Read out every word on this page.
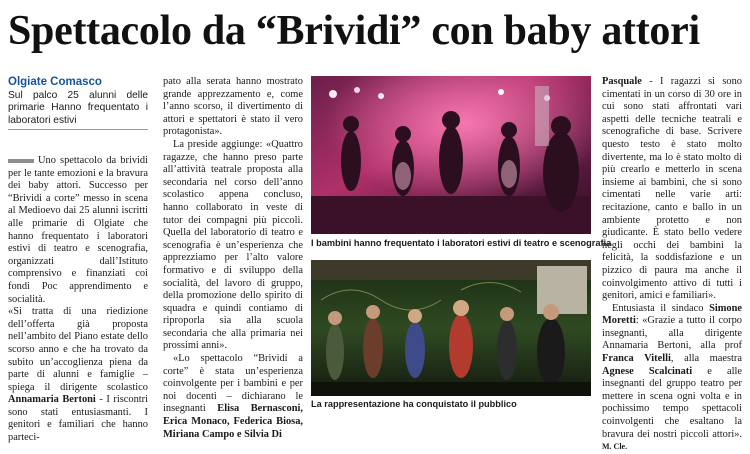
Spettacolo da “Brividi” con baby attori
Olgiate Comasco
Sul palco 25 alunni delle primarie Hanno frequentato i laboratori estivi

Uno spettacolo da brividi per le tante emozioni e la bravura dei baby attori. Successo per “Brividi a corte” messo in scena al Medioevo dai 25 alunni iscritti alle primarie di Olgiate che hanno frequentato i laboratori estivi di teatro e scenografia, organizzati dall’Istituto comprensivo e finanziati coi fondi Poc apprendimento e socialità.

«Si tratta di una riedizione dell’offerta già proposta nell’ambito del Piano estate dello scorso anno e che ha trovato da subito un’accoglienza piena da parte di alunni e famiglie – spiega il dirigente scolastico Annamaria Bertoni - I riscontri sono stati entusiasmanti. I genitori e familiari che hanno parteci-

pato alla serata hanno mostrato grande apprezzamento e, come l’anno scorso, il divertimento di attori e spettatori è stato il vero protagonista».

La preside aggiunge: «Quattro ragazze, che hanno preso parte all’attività teatrale proposta alla secondaria nel corso dell’anno scolastico appena concluso, hanno collaborato in veste di tutor dei compagni più piccoli. Quella del laboratorio di teatro e scenografia è un’esperienza che apprezziamo per l’alto valore formativo e di sviluppo della socialità, del lavoro di gruppo, della promozione dello spirito di squadra e quindi contiamo di riproporla sia alla scuola secondaria che alla primaria nei prossimi anni».

«Lo spettacolo “Brividi a corte” è stata un’esperienza coinvolgente per i bambini e per noi docenti – dichiarano le insegnanti Elisa Bernasconi, Erica Monaco, Federica Biosa, Miriana Campo e Silvia Di

I bambini hanno frequentato i laboratori estivi di teatro e scenografia
La rappresentazione ha conquistato il pubblico

Pasquale - I ragazzi si sono cimentati in un corso di 30 ore in cui sono stati affrontati vari aspetti delle tecniche teatrali e scenografiche di base. Scrivere questo testo è stato molto divertente, ma lo è stato molto di più crearlo e metterlo in scena insieme ai bambini, che si sono cimentati nelle varie arti: recitazione, canto e ballo in un ambiente protetto e non giudicante. È stato bello vedere negli occhi dei bambini la felicità, la soddisfazione e un pizzico di paura ma anche il coinvolgimento attivo di tutti i genitori, amici e familiari».

Entusiasta il sindaco Simone Moretti: «Grazie a tutto il corpo insegnanti, alla dirigente Annamaria Bertoni, alla prof Franca Vitelli, alla maestra Agnese Scalcinati e alle insegnanti del gruppo teatro per mettere in scena ogni volta e in pochissimo tempo spettacoli coinvolgenti che esaltano la bravura dei nostri piccoli attori». M. Cle.
